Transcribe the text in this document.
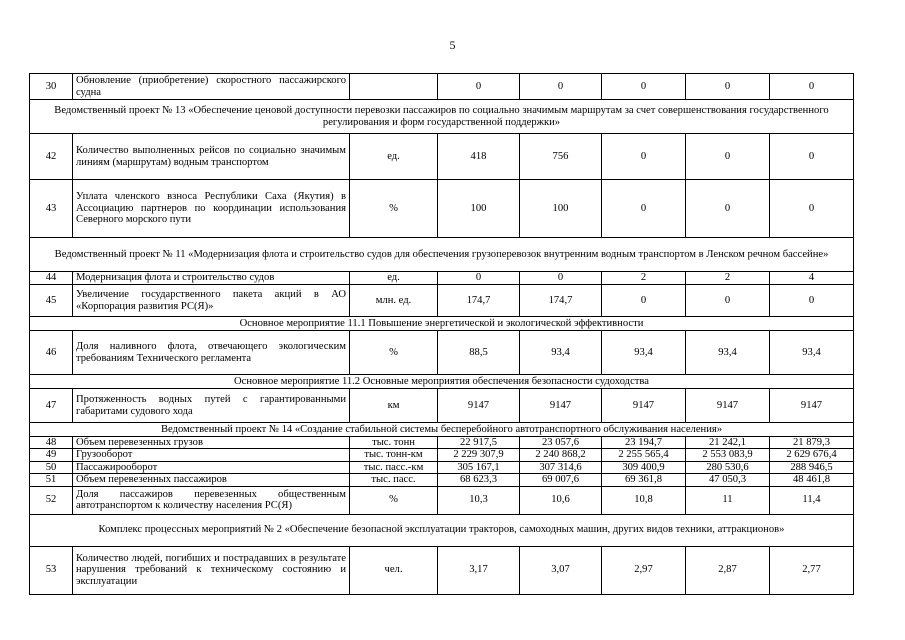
5
30	Обновление (приобретение) скоростного пассажирского судна		0	0	0	0	0
Ведомственный проект № 13 «Обеспечение ценовой доступности перевозки пассажиров по социально значимым маршрутам за счет совершенствования государственного регулирования и форм государственной поддержки»							
42	Количество выполненных рейсов по социально значимым линиям (маршрутам) водным транспортом	ед.	418	756	0	0	0
43	Уплата членского взноса Республики Саха (Якутия) в Ассоциацию партнеров по координации использования Северного морского пути	%	100	100	0	0	0
Ведомственный проект № 11 «Модернизация флота и строительство судов для обеспечения грузоперевозок внутренним водным транспортом в Ленском речном бассейне»							
44	Модернизация флота и строительство судов	ед.	0	0	2	2	4
45	Увеличение государственного пакета акций в АО «Корпорация развития РС(Я)»	млн. ед.	174,7	174,7	0	0	0
Основное мероприятие 11.1 Повышение энергетической и экологической эффективности							
46	Доля наливного флота, отвечающего экологическим требованиям Технического регламента	%	88,5	93,4	93,4	93,4	93,4
Основное мероприятие 11.2 Основные мероприятия обеспечения безопасности судоходства							
47	Протяженность водных путей с гарантированными габаритами судового хода	км	9147	9147	9147	9147	9147
Ведомственный проект № 14 «Создание стабильной системы бесперебойного автотранспортного обслуживания населения»							
48	Объем перевезенных грузов	тыс. тонн	22 917,5	23 057,6	23 194,7	21 242,1	21 879,3
49	Грузооборот	тыс. тонн-км	2 229 307,9	2 240 868,2	2 255 565,4	2 553 083,9	2 629 676,4
50	Пассажирооборот	тыс. пасс.-км	305 167,1	307 314,6	309 400,9	280 530,6	288 946,5
51	Объем перевезенных пассажиров	тыс. пасс.	68 623,3	69 007,6	69 361,8	47 050,3	48 461,8
52	Доля пассажиров перевезенных общественным автотранспортом к количеству населения РС(Я)	%	10,3	10,6	10,8	11	11,4
Комплекс процессных мероприятий № 2 «Обеспечение безопасной эксплуатации тракторов, самоходных машин, других видов техники, аттракционов»							
53	Количество людей, погибших и пострадавших в результате нарушения требований к техническому состоянию и эксплуатации	чел.	3,17	3,07	2,97	2,87	2,77
